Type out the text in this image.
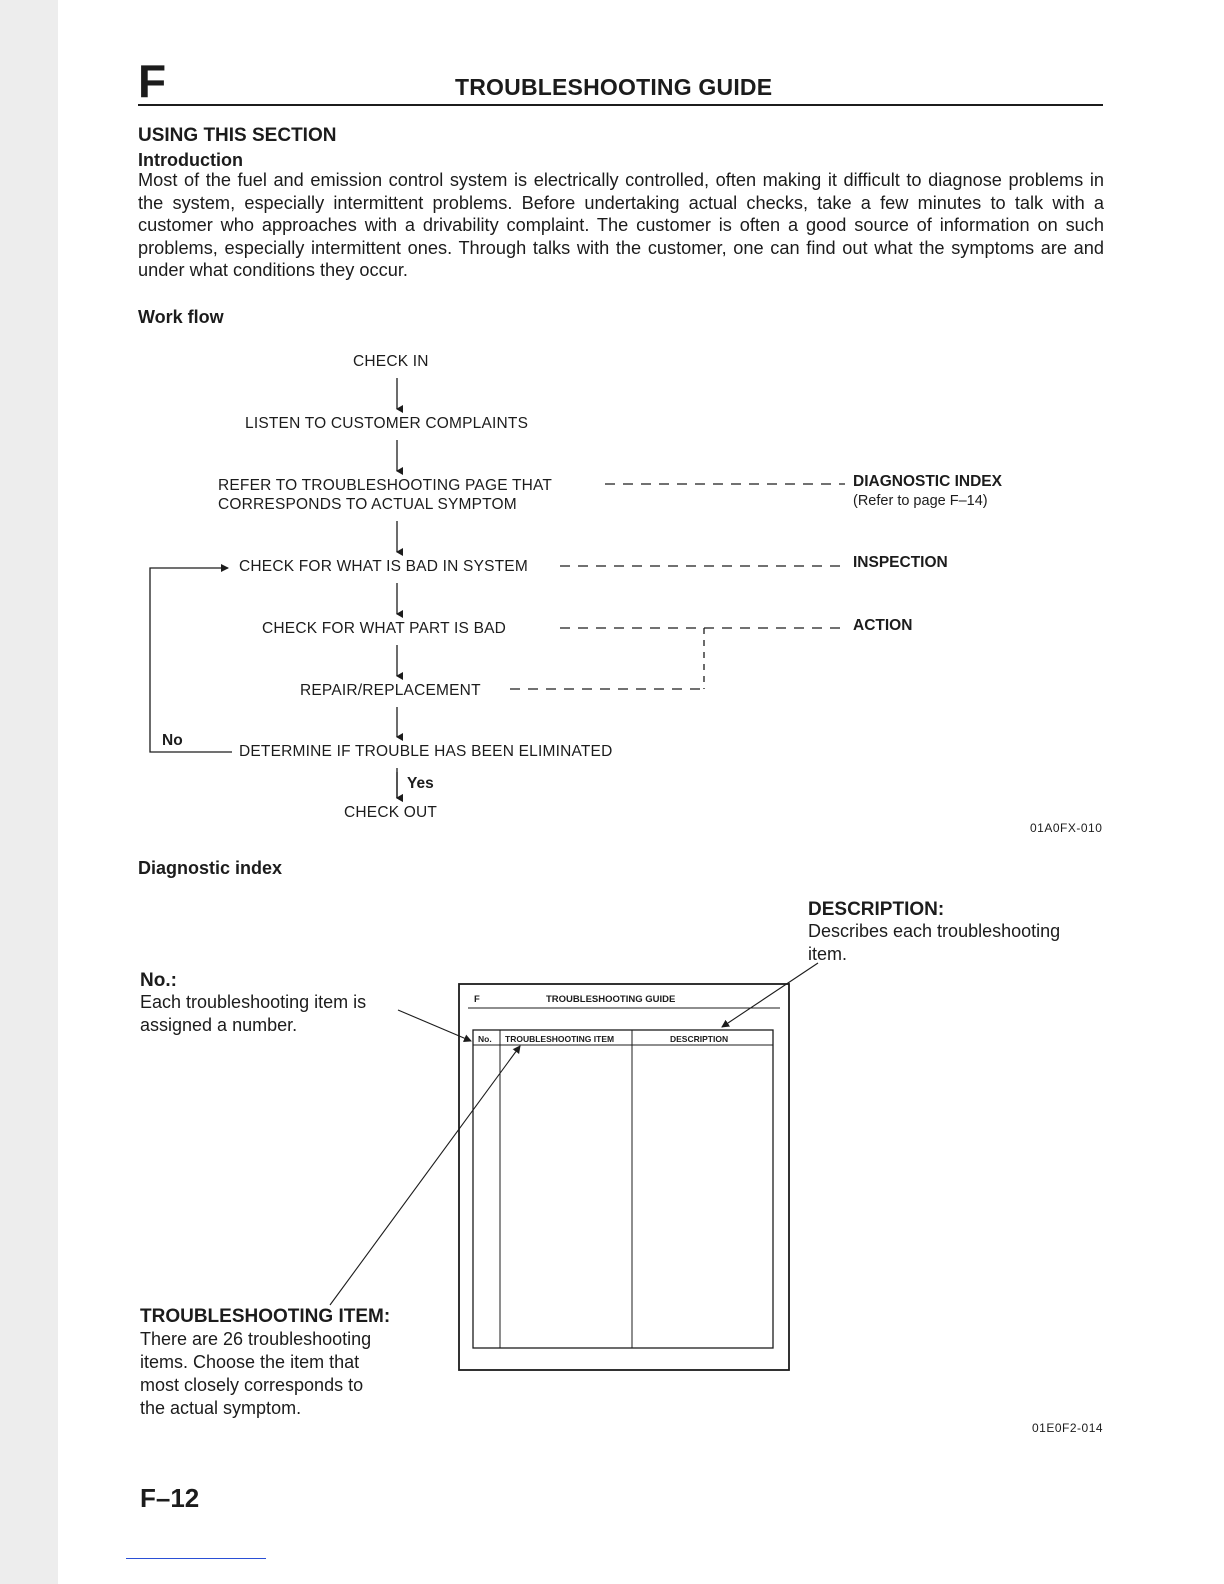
F	TROUBLESHOOTING GUIDE
USING THIS SECTION
Introduction
Most of the fuel and emission control system is electrically controlled, often making it difficult to diagnose problems in the system, especially intermittent problems. Before undertaking actual checks, take a few minutes to talk with a customer who approaches with a drivability complaint. The customer is often a good source of information on such problems, especially intermittent ones. Through talks with the customer, one can find out what the symptoms are and under what conditions they occur.
Work flow
CHECK IN
LISTEN TO CUSTOMER COMPLAINTS
REFER TO TROUBLESHOOTING PAGE THAT
CORRESPONDS TO ACTUAL SYMPTOM
CHECK FOR WHAT IS BAD IN SYSTEM
CHECK FOR WHAT PART IS BAD
REPAIR/REPLACEMENT
DETERMINE IF TROUBLE HAS BEEN ELIMINATED
CHECK OUT
DIAGNOSTIC INDEX
(Refer to page F–14)
INSPECTION
ACTION
No
Yes
01A0FX-010
Diagnostic index
DESCRIPTION:
Describes each troubleshooting
item.
No.:
Each troubleshooting item is
assigned a number.
TROUBLESHOOTING ITEM:
There are 26 troubleshooting
items. Choose the item that
most closely corresponds to
the actual symptom.
01E0F2-014
F–12
F	TROUBLESHOOTING GUIDE
No. TROUBLESHOOTING ITEM	DESCRIPTION
